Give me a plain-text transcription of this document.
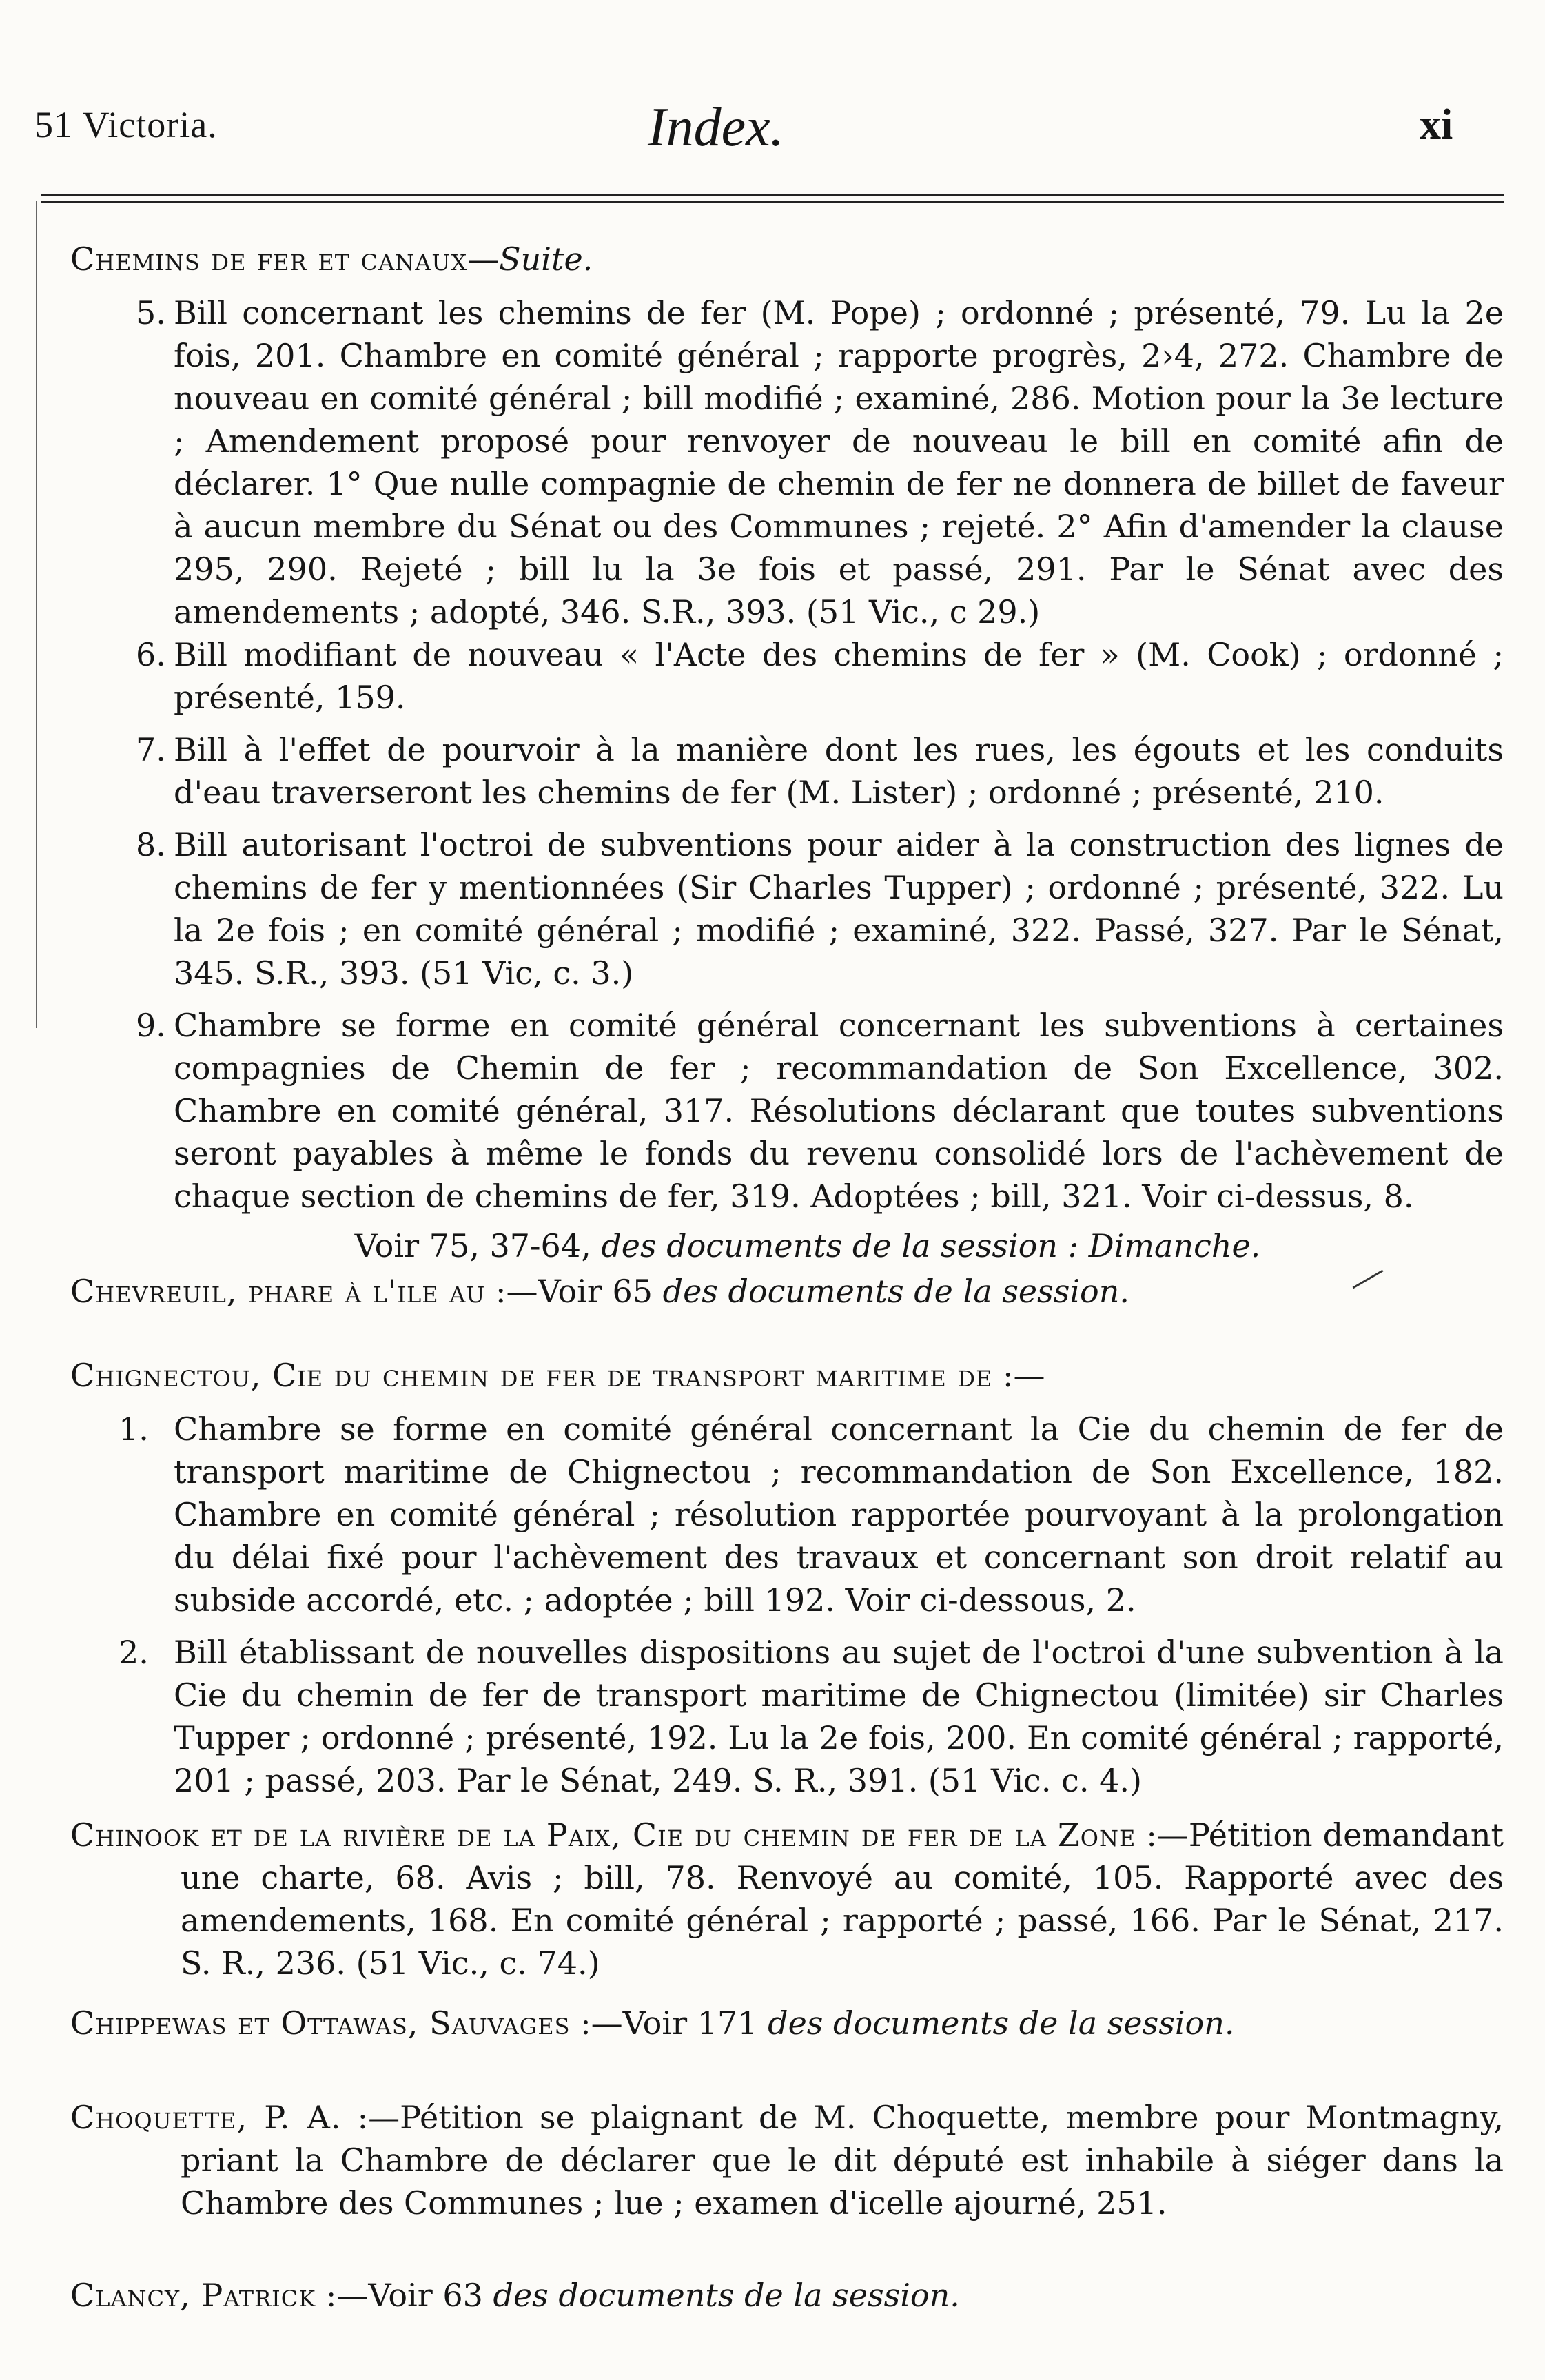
51 Victoria.	Index.	xi
Chemins de fer et canaux—Suite.
5. Bill concernant les chemins de fer (M. Pope) ; ordonné ; présenté, 79. Lu la 2e fois, 201. Chambre en comité général ; rapporte progrès, 2›4, 272. Chambre de nouveau en comité général ; bill modifié ; examiné, 286. Motion pour la 3e lecture ; Amendement proposé pour renvoyer de nouveau le bill en comité afin de déclarer. 1° Que nulle compagnie de chemin de fer ne donnera de billet de faveur à aucun membre du Sénat ou des Communes ; rejeté. 2° Afin d'amender la clause 295, 290. Rejeté ; bill lu la 3e fois et passé, 291. Par le Sénat avec des amendements ; adopté, 346. S.R., 393. (51 Vic., c 29.)
6. Bill modifiant de nouveau « l'Acte des chemins de fer » (M. Cook) ; ordonné ; présenté, 159.
7. Bill à l'effet de pourvoir à la manière dont les rues, les égouts et les conduits d'eau traverseront les chemins de fer (M. Lister) ; ordonné ; présenté, 210.
8. Bill autorisant l'octroi de subventions pour aider à la construction des lignes de chemins de fer y mentionnées (Sir Charles Tupper) ; ordonné ; présenté, 322. Lu la 2e fois ; en comité général ; modifié ; examiné, 322. Passé, 327. Par le Sénat, 345. S.R., 393. (51 Vic, c. 3.)
9. Chambre se forme en comité général concernant les subventions à certaines compagnies de Chemin de fer ; recommandation de Son Excellence, 302. Chambre en comité général, 317. Résolutions déclarant que toutes subventions seront payables à même le fonds du revenu consolidé lors de l'achèvement de chaque section de chemins de fer, 319. Adoptées ; bill, 321. Voir ci-dessus, 8.
Voir 75, 37-64, des documents de la session : Dimanche.
Chevreuil, phare à l'ile au :—Voir 65 des documents de la session.
Chignectou, Cie du chemin de fer de transport maritime de :—
1. Chambre se forme en comité général concernant la Cie du chemin de fer de transport maritime de Chignectou ; recommandation de Son Excellence, 182. Chambre en comité général ; résolution rapportée pourvoyant à la prolongation du délai fixé pour l'achèvement des travaux et concernant son droit relatif au subside accordé, etc. ; adoptée ; bill 192. Voir ci-dessous, 2.
2. Bill établissant de nouvelles dispositions au sujet de l'octroi d'une subvention à la Cie du chemin de fer de transport maritime de Chignectou (limitée) sir Charles Tupper ; ordonné ; présenté, 192. Lu la 2e fois, 200. En comité général ; rapporté, 201 ; passé, 203. Par le Sénat, 249. S. R., 391. (51 Vic. c. 4.)
Chinook et de la rivière de la Paix, Cie du chemin de fer de la Zone :—Pétition demandant une charte, 68. Avis ; bill, 78. Renvoyé au comité, 105. Rapporté avec des amendements, 168. En comité général ; rapporté ; passé, 166. Par le Sénat, 217. S. R., 236. (51 Vic., c. 74.)
Chippewas et Ottawas, Sauvages :—Voir 171 des documents de la session.
Choquette, P. A. :—Pétition se plaignant de M. Choquette, membre pour Montmagny, priant la Chambre de déclarer que le dit député est inhabile à siéger dans la Chambre des Communes ; lue ; examen d'icelle ajourné, 251.
Clancy, Patrick :—Voir 63 des documents de la session.
